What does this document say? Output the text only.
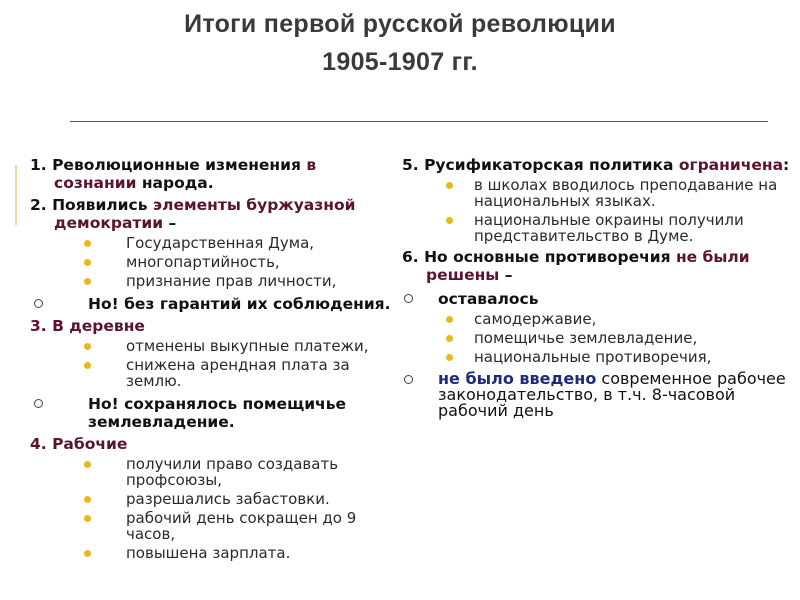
Итоги первой русской революции
1905-1907 гг.
1. Революционные изменения в сознании народа.
2. Появились элементы буржуазной демократии –
Государственная Дума,
многопартийность,
признание прав личности,
Но! без гарантий их соблюдения.
3. В деревне
отменены выкупные платежи,
снижена арендная плата за землю.
Но! сохранялось помещичье землевладение.
4. Рабочие
получили право создавать профсоюзы,
разрешались забастовки.
рабочий день сокращен до 9 часов,
повышена зарплата.
5. Русификаторская политика ограничена:
в школах вводилось преподавание на национальных языках.
национальные окраины получили представительство в Думе.
6. Но основные противоречия не были решены –
оставалось
самодержавие,
помещичье землевладение,
национальные противоречия,
не было введено современное рабочее законодательство, в т.ч. 8-часовой рабочий день
